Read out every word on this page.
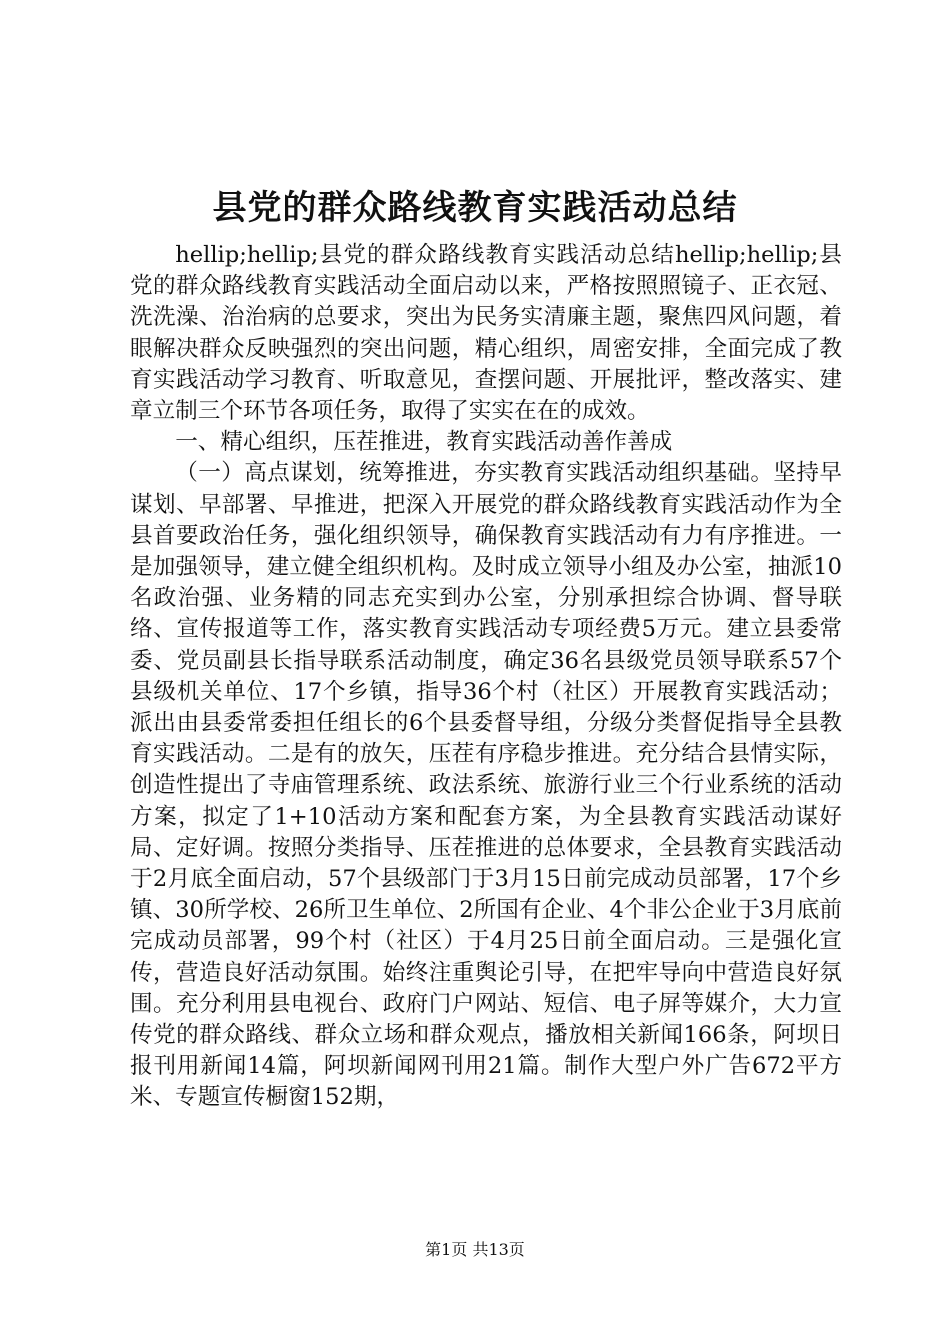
县党的群众路线教育实践活动总结

hellip;hellip;县党的群众路线教育实践活动总结hellip;hellip;县党的群众路线教育实践活动全面启动以来，严格按照照镜子、正衣冠、洗洗澡、治治病的总要求，突出为民务实清廉主题，聚焦四风问题，着眼解决群众反映强烈的突出问题，精心组织，周密安排，全面完成了教育实践活动学习教育、听取意见，查摆问题、开展批评，整改落实、建章立制三个环节各项任务，取得了实实在在的成效。

一、精心组织，压茬推进，教育实践活动善作善成

（一）高点谋划，统筹推进，夯实教育实践活动组织基础。坚持早谋划、早部署、早推进，把深入开展党的群众路线教育实践活动作为全县首要政治任务，强化组织领导，确保教育实践活动有力有序推进。一是加强领导，建立健全组织机构。及时成立领导小组及办公室，抽派10名政治强、业务精的同志充实到办公室，分别承担综合协调、督导联络、宣传报道等工作，落实教育实践活动专项经费5万元。建立县委常委、党员副县长指导联系活动制度，确定36名县级党员领导联系57个县级机关单位、17个乡镇，指导36个村（社区）开展教育实践活动；派出由县委常委担任组长的6个县委督导组，分级分类督促指导全县教育实践活动。二是有的放矢，压茬有序稳步推进。充分结合县情实际，创造性提出了寺庙管理系统、政法系统、旅游行业三个行业系统的活动方案，拟定了1+10活动方案和配套方案，为全县教育实践活动谋好局、定好调。按照分类指导、压茬推进的总体要求，全县教育实践活动于2月底全面启动，57个县级部门于3月15日前完成动员部署，17个乡镇、30所学校、26所卫生单位、2所国有企业、4个非公企业于3月底前完成动员部署，99个村（社区）于4月25日前全面启动。三是强化宣传，营造良好活动氛围。始终注重舆论引导，在把牢导向中营造良好氛围。充分利用县电视台、政府门户网站、短信、电子屏等媒介，大力宣传党的群众路线、群众立场和群众观点，播放相关新闻166条，阿坝日报刊用新闻14篇，阿坝新闻网刊用21篇。制作大型户外广告672平方米、专题宣传橱窗152期，

第1页 共13页
